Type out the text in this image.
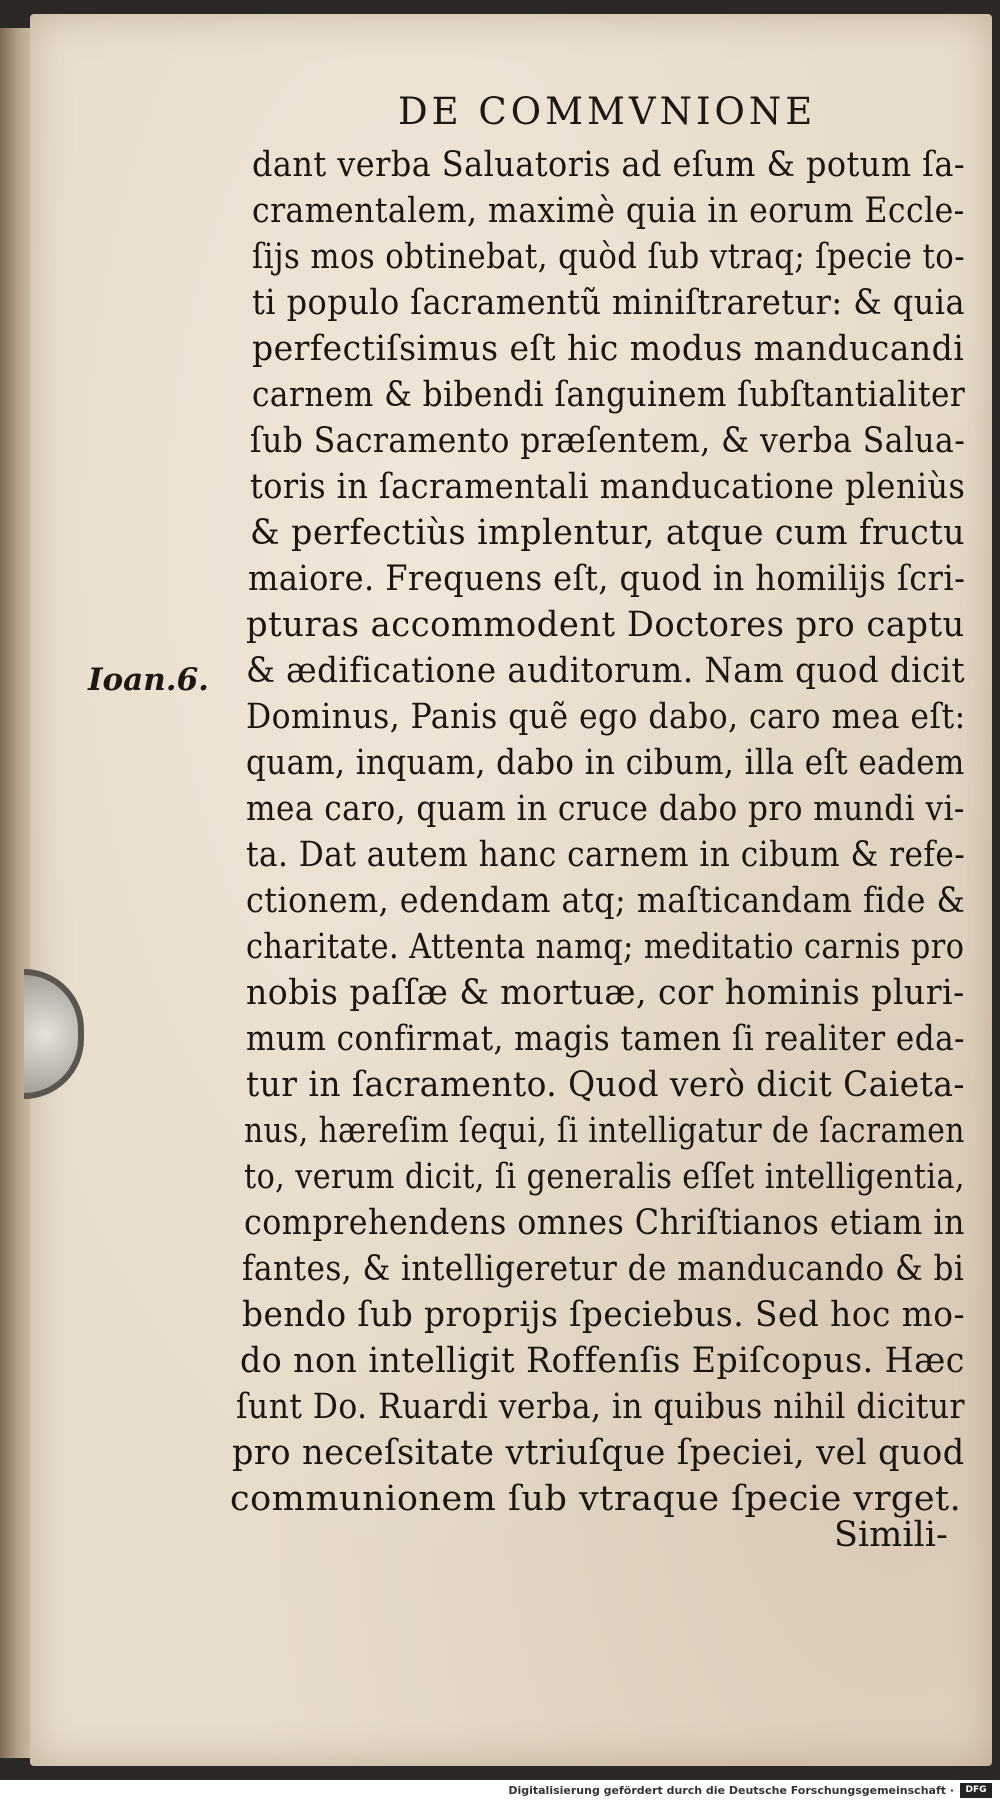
DE COMMVNIONE
Ioan.6.
dant verba Saluatoris ad eſum & potum ſa-
cramentalem, maximè quia in eorum Eccle-
ſijs mos obtinebat, quòd ſub vtraq; ſpecie to-
ti populo ſacramentũ miniſtraretur: & quia
perfectiſsimus eſt hic modus manducandi
carnem & bibendi ſanguinem ſubſtantialiter
ſub Sacramento præſentem, & verba Salua-
toris in ſacramentali manducatione pleniùs
& perfectiùs implentur, atque cum fructu
maiore. Frequens eſt, quod in homilijs ſcri-
pturas accommodent Doctores pro captu
& ædificatione auditorum. Nam quod dicit
Dominus, Panis quẽ ego dabo, caro mea eſt:
quam, inquam, dabo in cibum, illa eſt eadem
mea caro, quam in cruce dabo pro mundi vi-
ta. Dat autem hanc carnem in cibum & refe-
ctionem, edendam atq; maſticandam fide &
charitate. Attenta namq; meditatio carnis pro
nobis paſſæ & mortuæ, cor hominis pluri-
mum confirmat, magis tamen ſi realiter eda-
tur in ſacramento. Quod verò dicit Caieta-
nus, hæreſim ſequi, ſi intelligatur de ſacramen
to, verum dicit, ſi generalis eſſet intelligentia,
comprehendens omnes Chriſtianos etiam in
fantes, & intelligeretur de manducando & bi
bendo ſub proprijs ſpeciebus. Sed hoc mo-
do non intelligit Roffenſis Epiſcopus. Hæc
ſunt Do. Ruardi verba, in quibus nihil dicitur
pro neceſsitate vtriuſque ſpeciei, vel quod
communionem ſub vtraque ſpecie vrget.
Simili-
Digitalisierung gefördert durch die Deutsche Forschungsgemeinschaft ·	DFG
